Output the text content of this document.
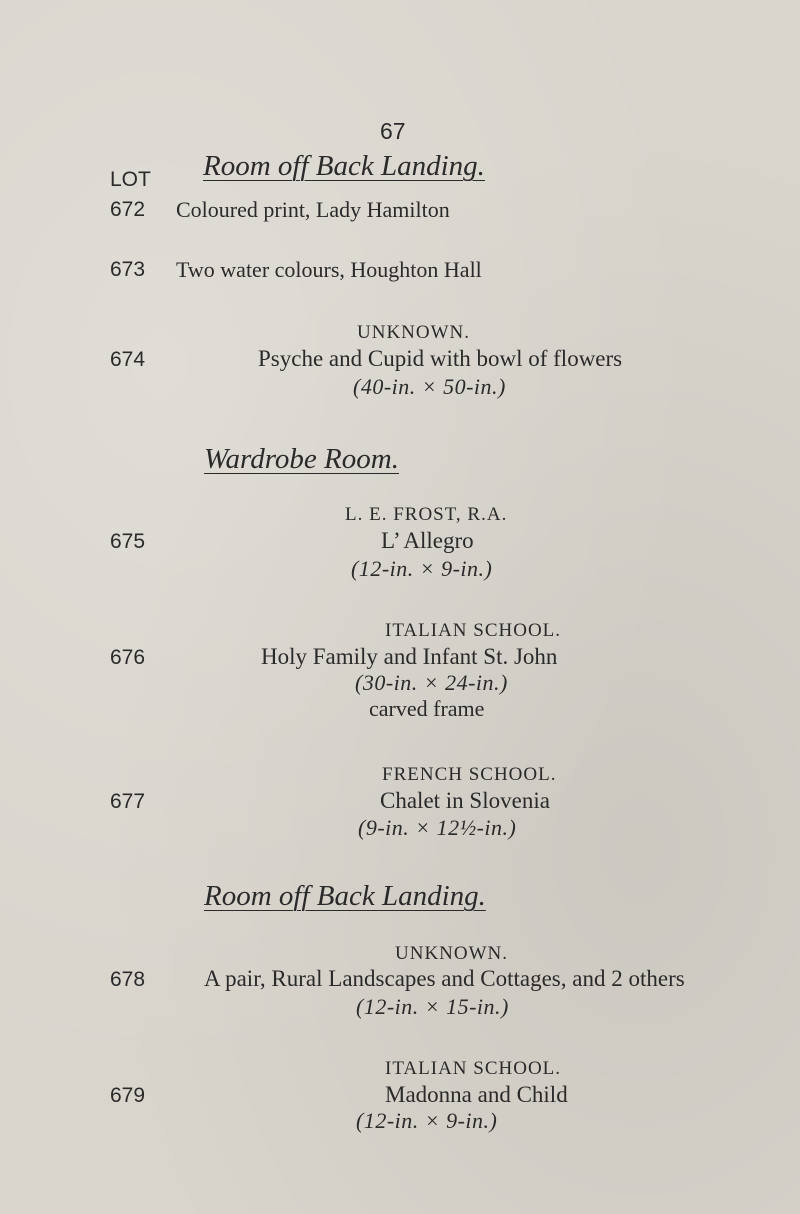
67
Room off Back Landing.
LOT
672 Coloured print, Lady Hamilton
673 Two water colours, Houghton Hall
UNKNOWN.
674	Psyche and Cupid with bowl of flowers
(40-in. × 50-in.)
Wardrobe Room.
L. E. FROST, R.A.
675	L’ Allegro
(12-in. × 9-in.)
ITALIAN SCHOOL.
676	Holy Family and Infant St. John
(30-in. × 24-in.)
carved frame
FRENCH SCHOOL.
677	Chalet in Slovenia
(9-in. × 12½-in.)
Room off Back Landing.
UNKNOWN.
678	A pair, Rural Landscapes and Cottages, and 2 others
(12-in. × 15-in.)
ITALIAN SCHOOL.
679	Madonna and Child
(12-in. × 9-in.)
